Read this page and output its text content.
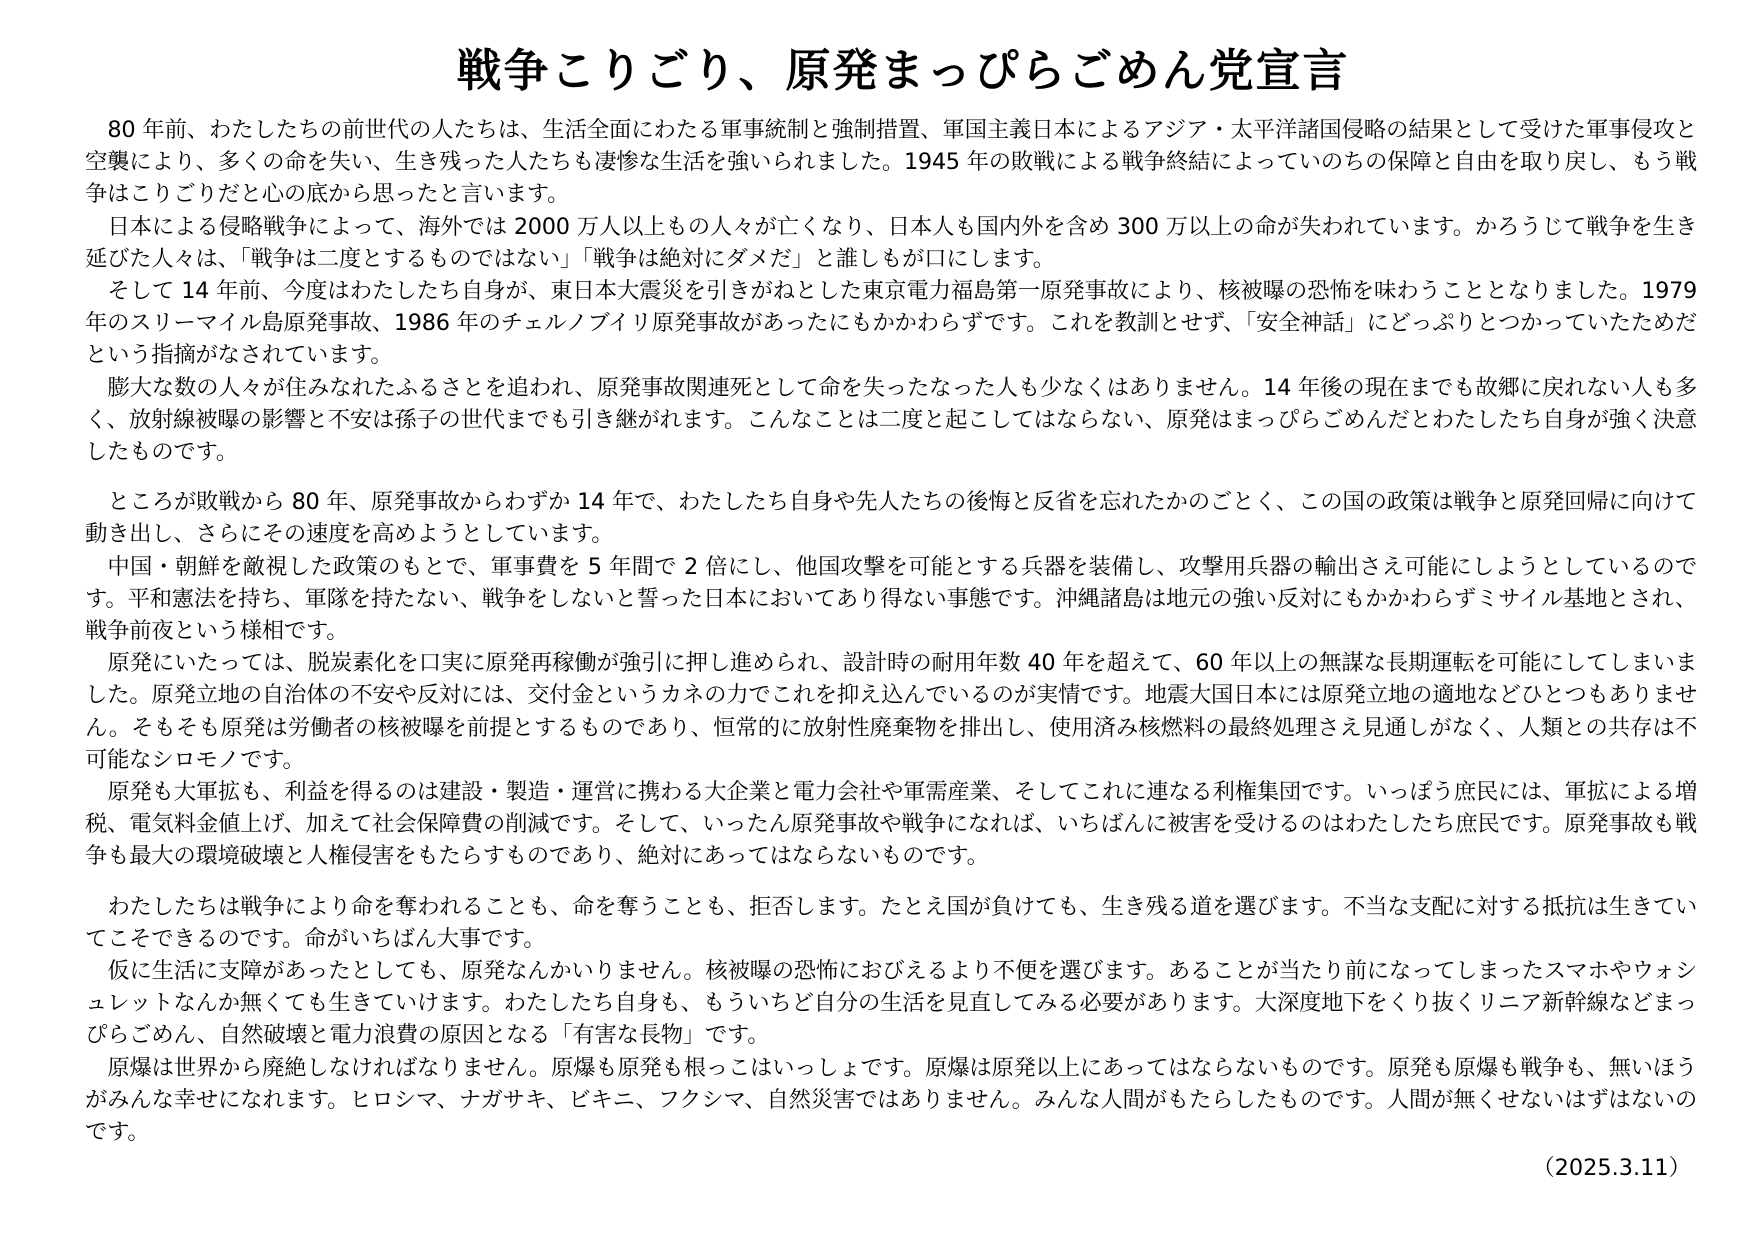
戦争こりごり、原発まっぴらごめん党宣言

80 年前、わたしたちの前世代の人たちは、生活全面にわたる軍事統制と強制措置、軍国主義日本によるアジア・太平洋諸国侵略の結果として受けた軍事侵攻と空襲により、多くの命を失い、生き残った人たちも凄惨な生活を強いられました。1945 年の敗戦による戦争終結によっていのちの保障と自由を取り戻し、もう戦争はこりごりだと心の底から思ったと言います。

日本による侵略戦争によって、海外では 2000 万人以上もの人々が亡くなり、日本人も国内外を含め 300 万以上の命が失われています。かろうじて戦争を生き延びた人々は、「戦争は二度とするものではない」「戦争は絶対にダメだ」と誰しもが口にします。

そして 14 年前、今度はわたしたち自身が、東日本大震災を引きがねとした東京電力福島第一原発事故により、核被曝の恐怖を味わうこととなりました。1979 年のスリーマイル島原発事故、1986 年のチェルノブイリ原発事故があったにもかかわらずです。これを教訓とせず、「安全神話」にどっぷりとつかっていたためだという指摘がなされています。

膨大な数の人々が住みなれたふるさとを追われ、原発事故関連死として命を失ったなった人も少なくはありません。14 年後の現在までも故郷に戻れない人も多く、放射線被曝の影響と不安は孫子の世代までも引き継がれます。こんなことは二度と起こしてはならない、原発はまっぴらごめんだとわたしたち自身が強く決意したものです。

ところが敗戦から 80 年、原発事故からわずか 14 年で、わたしたち自身や先人たちの後悔と反省を忘れたかのごとく、この国の政策は戦争と原発回帰に向けて動き出し、さらにその速度を高めようとしています。

中国・朝鮮を敵視した政策のもとで、軍事費を 5 年間で 2 倍にし、他国攻撃を可能とする兵器を装備し、攻撃用兵器の輸出さえ可能にしようとしているのです。平和憲法を持ち、軍隊を持たない、戦争をしないと誓った日本においてあり得ない事態です。沖縄諸島は地元の強い反対にもかかわらずミサイル基地とされ、戦争前夜という様相です。

原発にいたっては、脱炭素化を口実に原発再稼働が強引に押し進められ、設計時の耐用年数 40 年を超えて、60 年以上の無謀な長期運転を可能にしてしまいました。原発立地の自治体の不安や反対には、交付金というカネの力でこれを抑え込んでいるのが実情です。地震大国日本には原発立地の適地などひとつもありません。そもそも原発は労働者の核被曝を前提とするものであり、恒常的に放射性廃棄物を排出し、使用済み核燃料の最終処理さえ見通しがなく、人類との共存は不可能なシロモノです。

原発も大軍拡も、利益を得るのは建設・製造・運営に携わる大企業と電力会社や軍需産業、そしてこれに連なる利権集団です。いっぽう庶民には、軍拡による増税、電気料金値上げ、加えて社会保障費の削減です。そして、いったん原発事故や戦争になれば、いちばんに被害を受けるのはわたしたち庶民です。原発事故も戦争も最大の環境破壊と人権侵害をもたらすものであり、絶対にあってはならないものです。

わたしたちは戦争により命を奪われることも、命を奪うことも、拒否します。たとえ国が負けても、生き残る道を選びます。不当な支配に対する抵抗は生きていてこそできるのです。命がいちばん大事です。

仮に生活に支障があったとしても、原発なんかいりません。核被曝の恐怖におびえるより不便を選びます。あることが当たり前になってしまったスマホやウォシュレットなんか無くても生きていけます。わたしたち自身も、もういちど自分の生活を見直してみる必要があります。大深度地下をくり抜くリニア新幹線などまっぴらごめん、自然破壊と電力浪費の原因となる「有害な長物」です。

原爆は世界から廃絶しなければなりません。原爆も原発も根っこはいっしょです。原爆は原発以上にあってはならないものです。原発も原爆も戦争も、無いほうがみんな幸せになれます。ヒロシマ、ナガサキ、ビキニ、フクシマ、自然災害ではありません。みんな人間がもたらしたものです。人間が無くせないはずはないのです。

（2025.3.11）
